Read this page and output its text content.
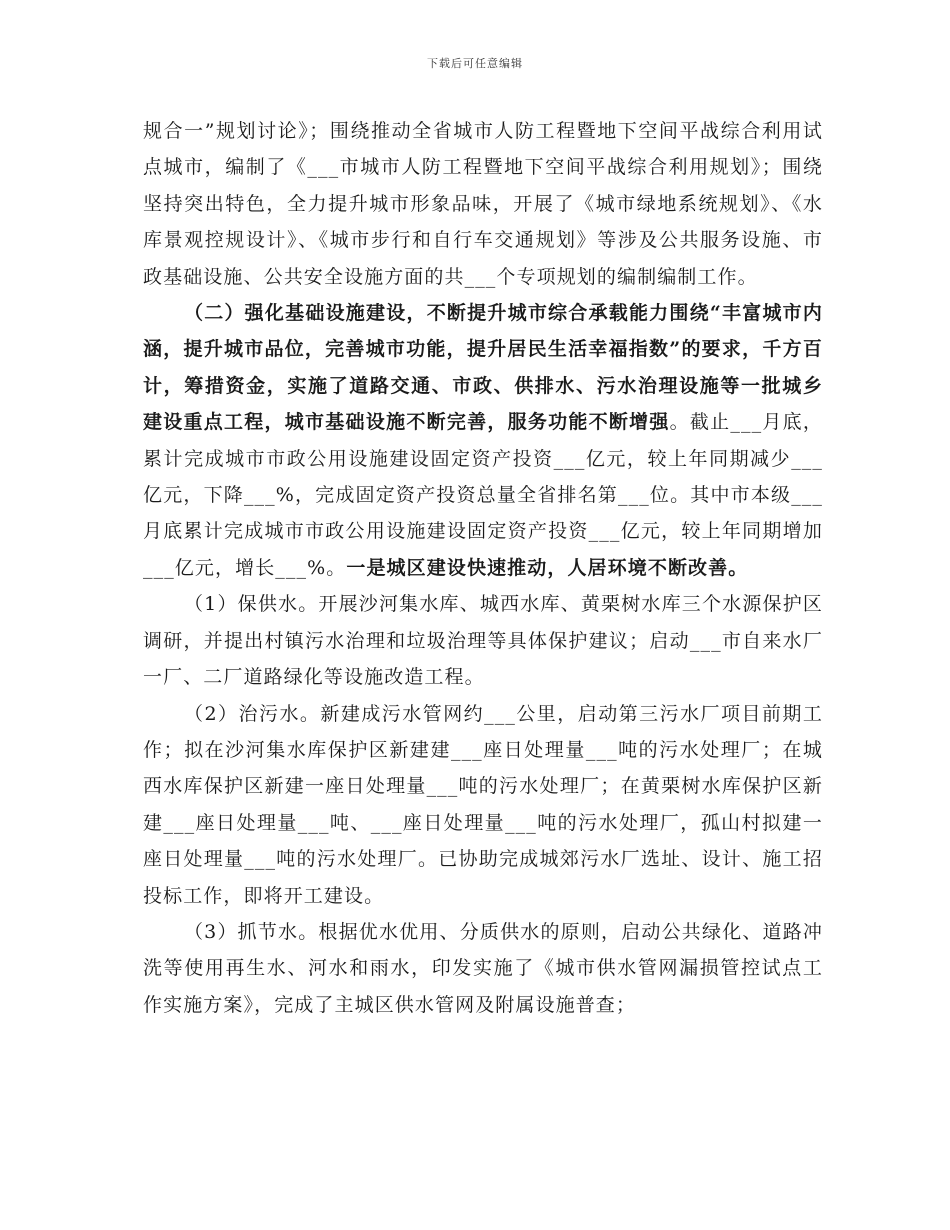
下载后可任意编辑

规合一”规划讨论》；围绕推动全省城市人防工程暨地下空间平战综合利用试点城市，编制了《___市城市人防工程暨地下空间平战综合利用规划》；围绕坚持突出特色，全力提升城市形象品味，开展了《城市绿地系统规划》、《水库景观控规设计》、《城市步行和自行车交通规划》等涉及公共服务设施、市政基础设施、公共安全设施方面的共___个专项规划的编制编制工作。

（二）强化基础设施建设，不断提升城市综合承载能力围绕“丰富城市内涵，提升城市品位，完善城市功能，提升居民生活幸福指数”的要求，千方百计，筹措资金，实施了道路交通、市政、供排水、污水治理设施等一批城乡建设重点工程，城市基础设施不断完善，服务功能不断增强。截止___月底，累计完成城市市政公用设施建设固定资产投资___亿元，较上年同期减少___亿元，下降___%，完成固定资产投资总量全省排名第___位。其中市本级___月底累计完成城市市政公用设施建设固定资产投资___亿元，较上年同期增加___亿元，增长___%。一是城区建设快速推动，人居环境不断改善。

（1）保供水。开展沙河集水库、城西水库、黄栗树水库三个水源保护区调研，并提出村镇污水治理和垃圾治理等具体保护建议；启动___市自来水厂一厂、二厂道路绿化等设施改造工程。

（2）治污水。新建成污水管网约___公里，启动第三污水厂项目前期工作；拟在沙河集水库保护区新建建___座日处理量___吨的污水处理厂；在城西水库保护区新建一座日处理量___吨的污水处理厂；在黄栗树水库保护区新建___座日处理量___吨、___座日处理量___吨的污水处理厂，孤山村拟建一座日处理量___吨的污水处理厂。已协助完成城郊污水厂选址、设计、施工招投标工作，即将开工建设。

（3）抓节水。根据优水优用、分质供水的原则，启动公共绿化、道路冲洗等使用再生水、河水和雨水，印发实施了《城市供水管网漏损管控试点工作实施方案》，完成了主城区供水管网及附属设施普查；
